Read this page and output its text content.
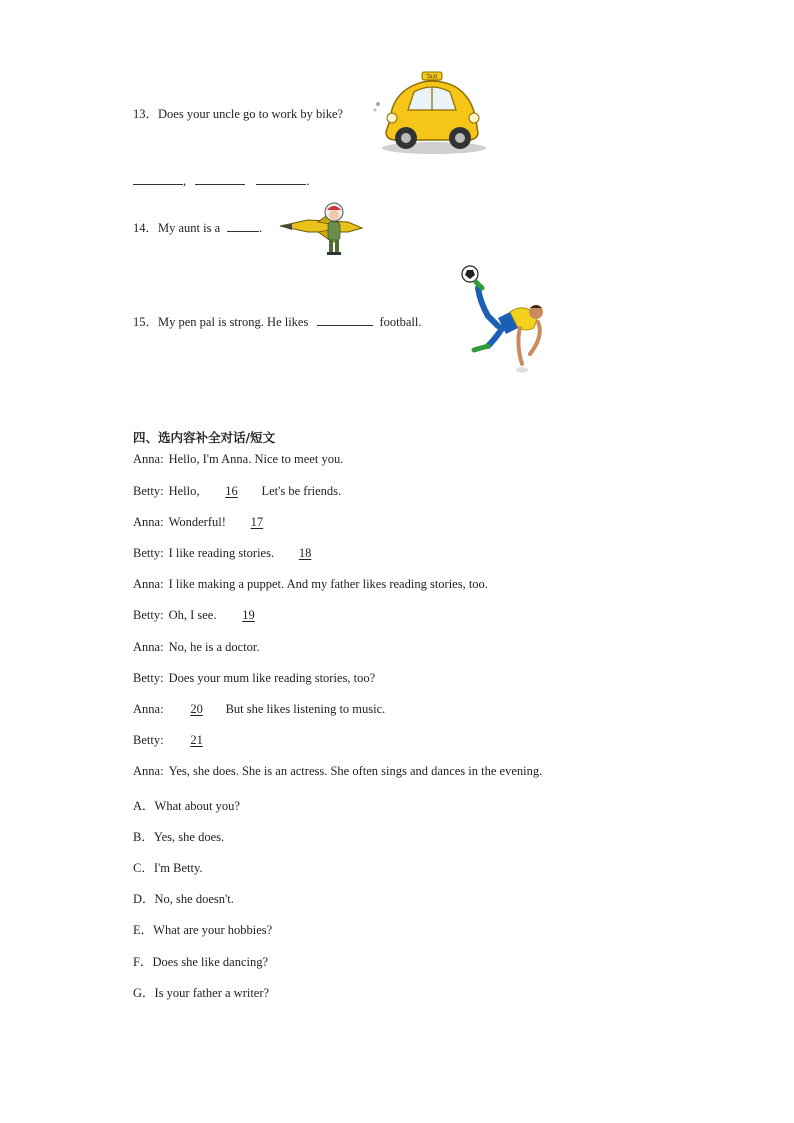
13．Does your uncle go to work by bike?
TAXI
,	.
14．My aunt is a	.
15．My pen pal is strong. He likes	football.
四、选内容补全对话/短文
Anna: Hello, I'm Anna. Nice to meet you.
Betty: Hello, 16 Let's be friends.
Anna: Wonderful! 17
Betty: I like reading stories. 18
Anna: I like making a puppet. And my father likes reading stories, too.
Betty: Oh, I see. 19
Anna: No, he is a doctor.
Betty: Does your mum like reading stories, too?
Anna: 20 But she likes listening to music.
Betty: 21
Anna: Yes, she does. She is an actress. She often sings and dances in the evening.
A．What about you?
B．Yes, she does.
C．I'm Betty.
D．No, she doesn't.
E．What are your hobbies?
F．Does she like dancing?
G．Is your father a writer?
